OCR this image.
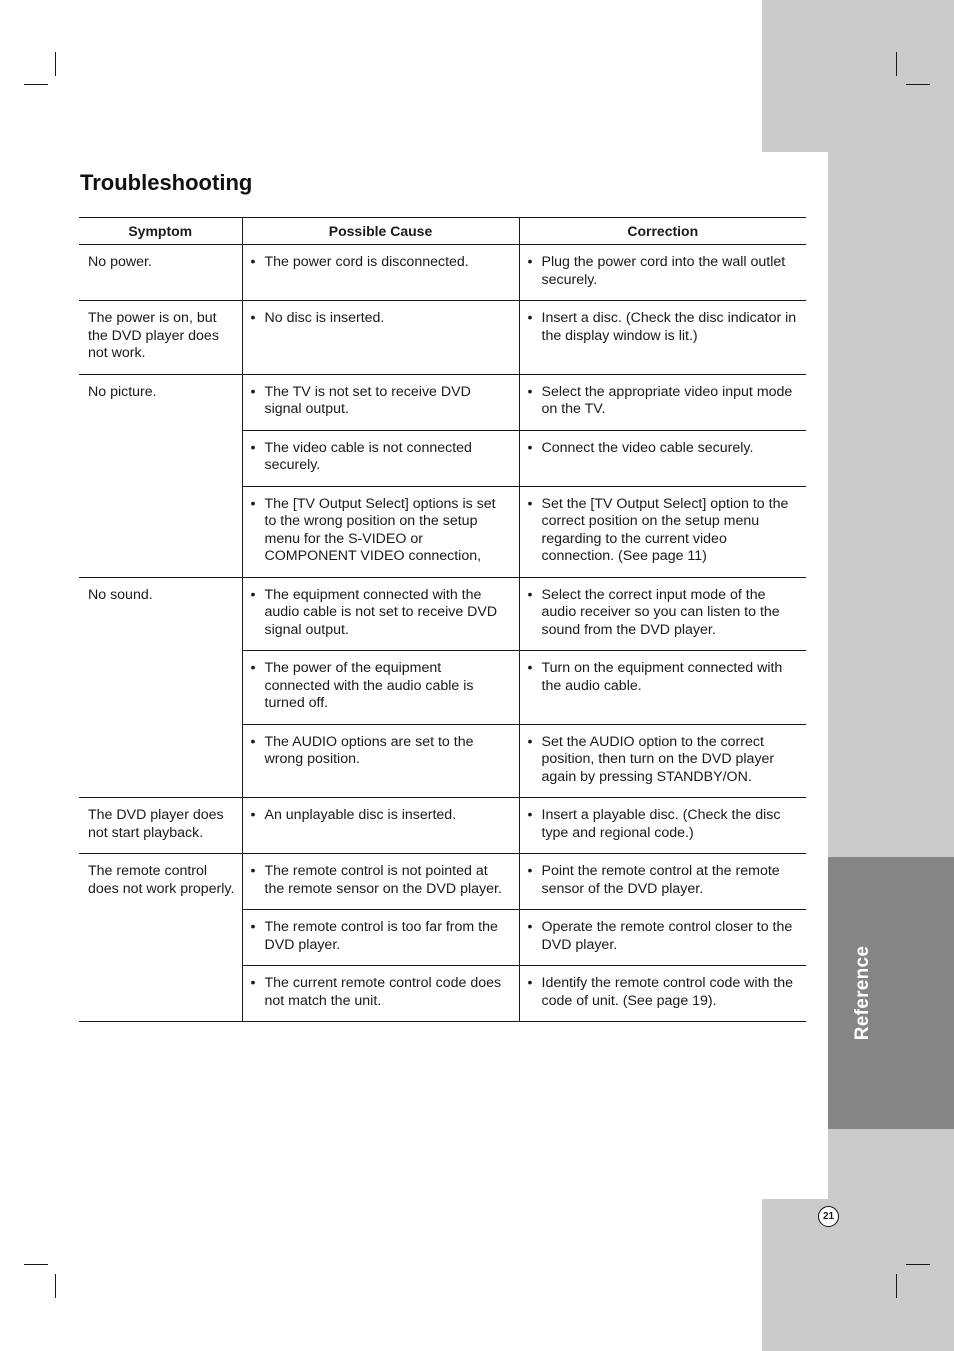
Reference
Troubleshooting
Symptom	Possible Cause	Correction
No power.	• The power cord is disconnected.	• Plug the power cord into the wall outlet securely.

The power is on, but the DVD player does not work.	• No disc is inserted.	• Insert a disc. (Check the disc indicator in the display window is lit.)

No picture.	• The TV is not set to receive DVD signal output.	• Select the appropriate video input mode on the TV.

	• The video cable is not connected securely.	• Connect the video cable securely.

	• The [TV Output Select] options is set to the wrong position on the setup menu for the S-VIDEO or COMPONENT VIDEO connection,	• Set the [TV Output Select] option to the correct position on the setup menu regarding to the current video connection. (See page 11)

No sound.	• The equipment connected with the audio cable is not set to receive DVD signal output.	• Select the correct input mode of the audio receiver so you can listen to the sound from the DVD player.

	• The power of the equipment connected with the audio cable is turned off.	• Turn on the equipment connected with the audio cable.

	• The AUDIO options are set to the wrong position.	• Set the AUDIO option to the correct position, then turn on the DVD player again by pressing STANDBY/ON.

The DVD player does not start playback.	• An unplayable disc is inserted.	• Insert a playable disc. (Check the disc type and regional code.)

The remote control does not work properly.	• The remote control is not pointed at the remote sensor on the DVD player.	• Point the remote control at the remote sensor of the DVD player.

	• The remote control is too far from the DVD player.	• Operate the remote control closer to the DVD player.

	• The current remote control code does not match the unit.	• Identify the remote control code with the code of unit. (See page 19).
21
